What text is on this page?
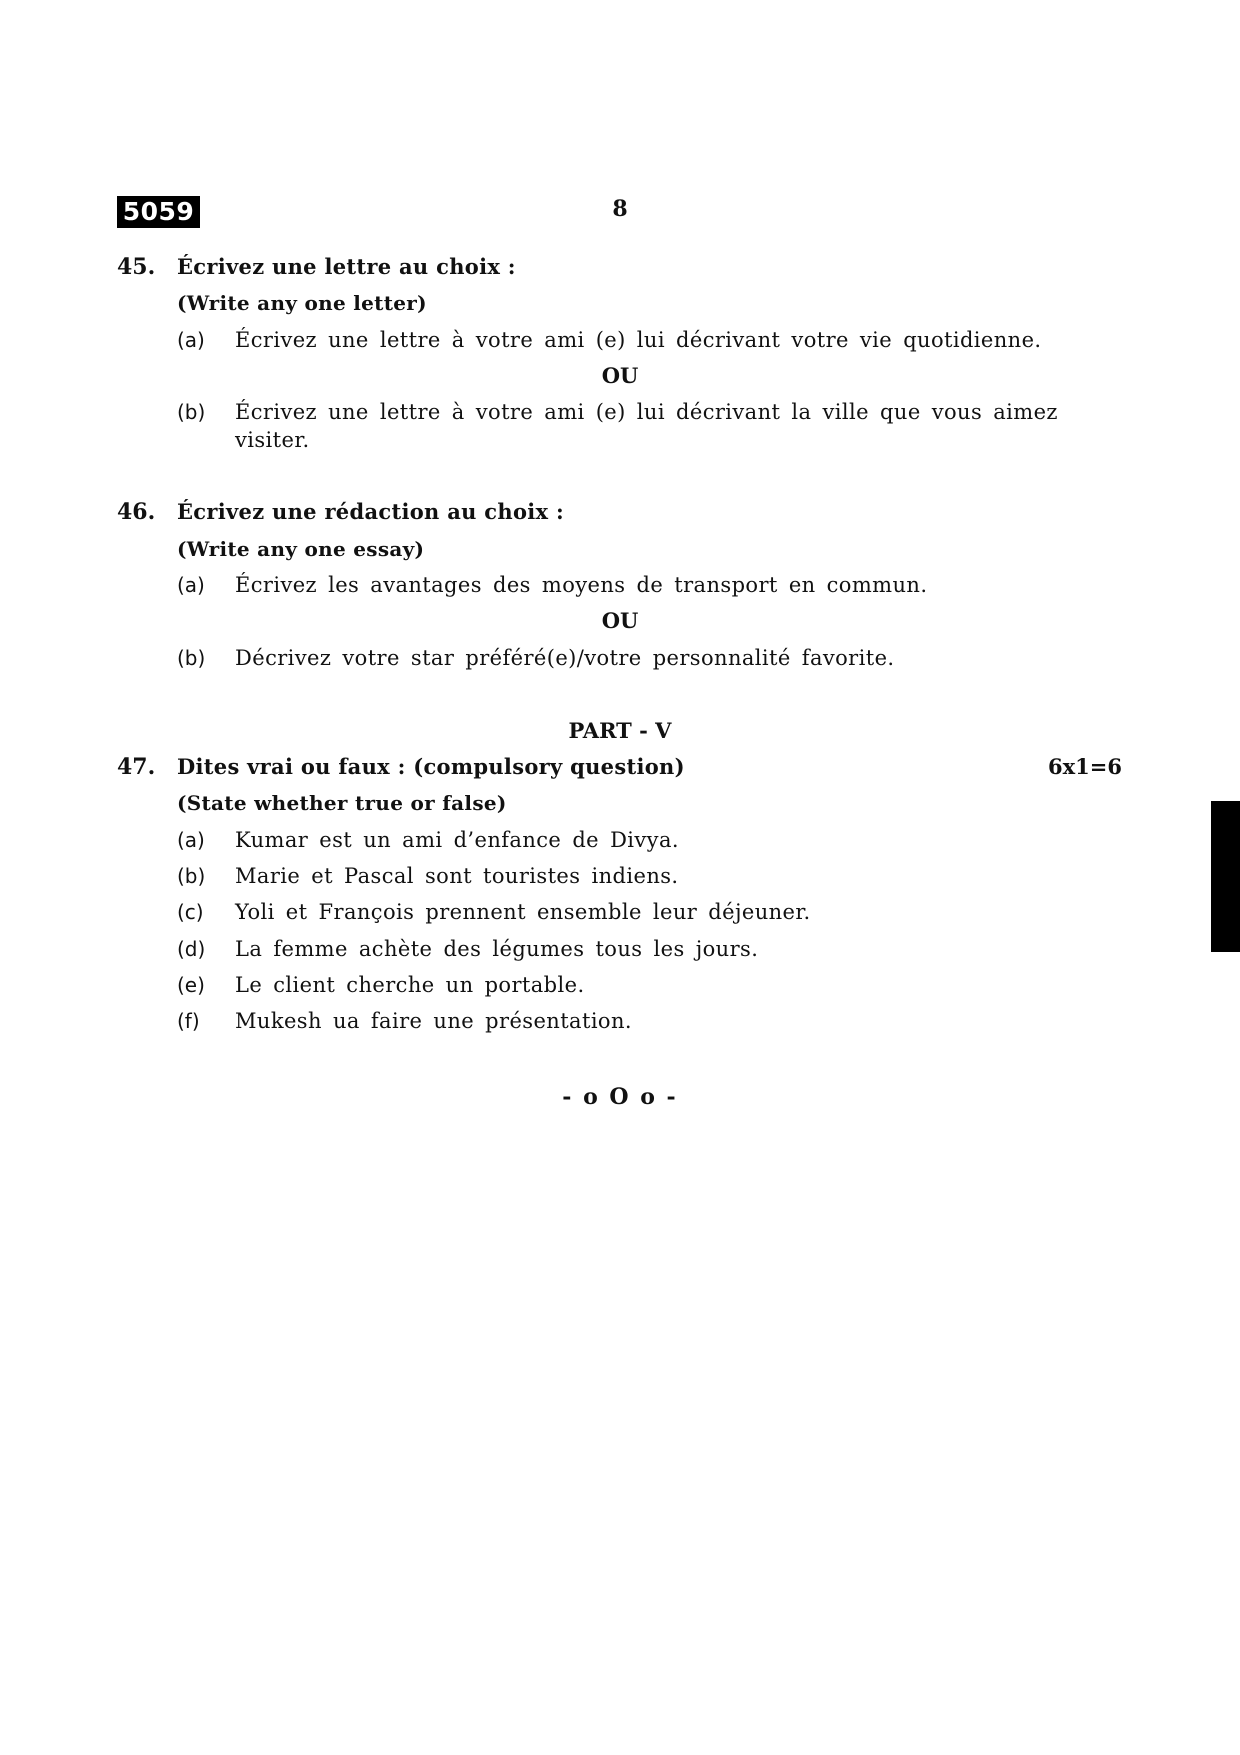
5059	8
45. Écrivez une lettre au choix :
(Write any one letter)
(a) Écrivez une lettre à votre ami (e) lui décrivant votre vie quotidienne.
OU
(b) Écrivez une lettre à votre ami (e) lui décrivant la ville que vous aimez visiter.
46. Écrivez une rédaction au choix :
(Write any one essay)
(a) Écrivez les avantages des moyens de transport en commun.
OU
(b) Décrivez votre star préféré(e)/votre personnalité favorite.
PART - V
47. Dites vrai ou faux : (compulsory question)	6x1=6
(State whether true or false)
(a) Kumar est un ami d’enfance de Divya.
(b) Marie et Pascal sont touristes indiens.
(c) Yoli et François prennent ensemble leur déjeuner.
(d) La femme achète des légumes tous les jours.
(e) Le client cherche un portable.
(f) Mukesh ua faire une présentation.
- o O o -
